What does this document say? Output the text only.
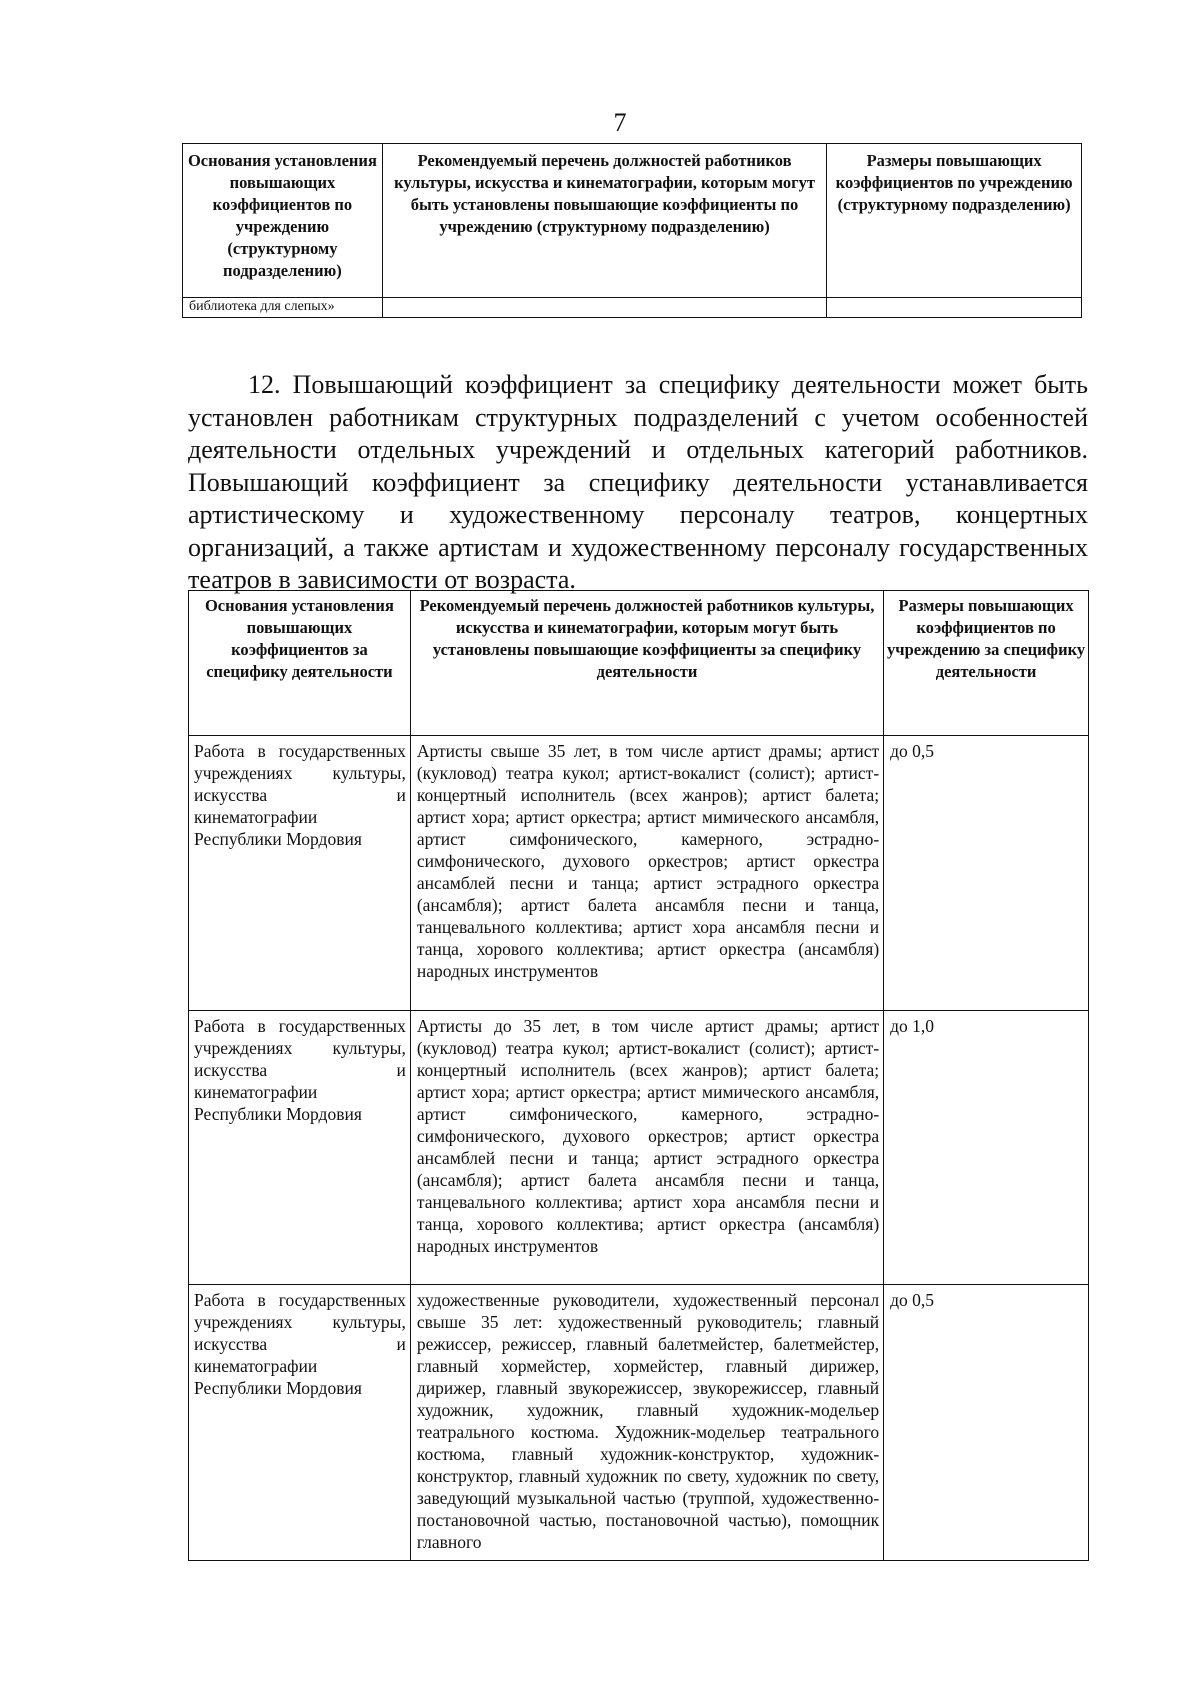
7
Основания установления повышающих коэффициентов по учреждению (структурному подразделению)	Рекомендуемый перечень должностей работников культуры, искусства и кинематографии, которым могут быть установлены повышающие коэффициенты по учреждению (структурному подразделению)	Размеры повышающих коэффициентов по учреждению (структурному подразделению)
библиотека для слепых»		

12. Повышающий коэффициент за специфику деятельности может быть установлен работникам структурных подразделений с учетом особенностей деятельности отдельных учреждений и отдельных категорий работников. Повышающий коэффициент за специфику деятельности устанавливается артистическому и художественному персоналу театров, концертных организаций, а также артистам и художественному персоналу государственных театров в зависимости от возраста.

Основания установления повышающих коэффициентов за специфику деятельности	Рекомендуемый перечень должностей работников культуры, искусства и кинематографии, которым могут быть установлены повышающие коэффициенты за специфику деятельности	Размеры повышающих коэффициентов по учреждению за специфику деятельности
Работа в государственных учреждениях культуры, искусства и кинематографии Республики Мордовия	Артисты свыше 35 лет, в том числе артист драмы; артист (кукловод) театра кукол; артист-вокалист (солист); артист-концертный исполнитель (всех жанров); артист балета; артист хора; артист оркестра; артист мимического ансамбля, артист симфонического, камерного, эстрадно-симфонического, духового оркестров; артист оркестра ансамблей песни и танца; артист эстрадного оркестра (ансамбля); артист балета ансамбля песни и танца, танцевального коллектива; артист хора ансамбля песни и танца, хорового коллектива; артист оркестра (ансамбля) народных инструментов	до 0,5
Работа в государственных учреждениях культуры, искусства и кинематографии Республики Мордовия	Артисты до 35 лет, в том числе артист драмы; артист (кукловод) театра кукол; артист-вокалист (солист); артист-концертный исполнитель (всех жанров); артист балета; артист хора; артист оркестра; артист мимического ансамбля, артист симфонического, камерного, эстрадно-симфонического, духового оркестров; артист оркестра ансамблей песни и танца; артист эстрадного оркестра (ансамбля); артист балета ансамбля песни и танца, танцевального коллектива; артист хора ансамбля песни и танца, хорового коллектива; артист оркестра (ансамбля) народных инструментов	до 1,0
Работа в государственных учреждениях культуры, искусства и кинематографии Республики Мордовия	художественные руководители, художественный персонал свыше 35 лет: художественный руководитель; главный режиссер, режиссер, главный балетмейстер, балетмейстер, главный хормейстер, хормейстер, главный дирижер, дирижер, главный звукорежиссер, звукорежиссер, главный художник, художник, главный художник-модельер театрального костюма. Художник-модельер театрального костюма, главный художник-конструктор, художник-конструктор, главный художник по свету, художник по свету, заведующий музыкальной частью (труппой, художественно-постановочной частью, постановочной частью), помощник главного	до 0,5
